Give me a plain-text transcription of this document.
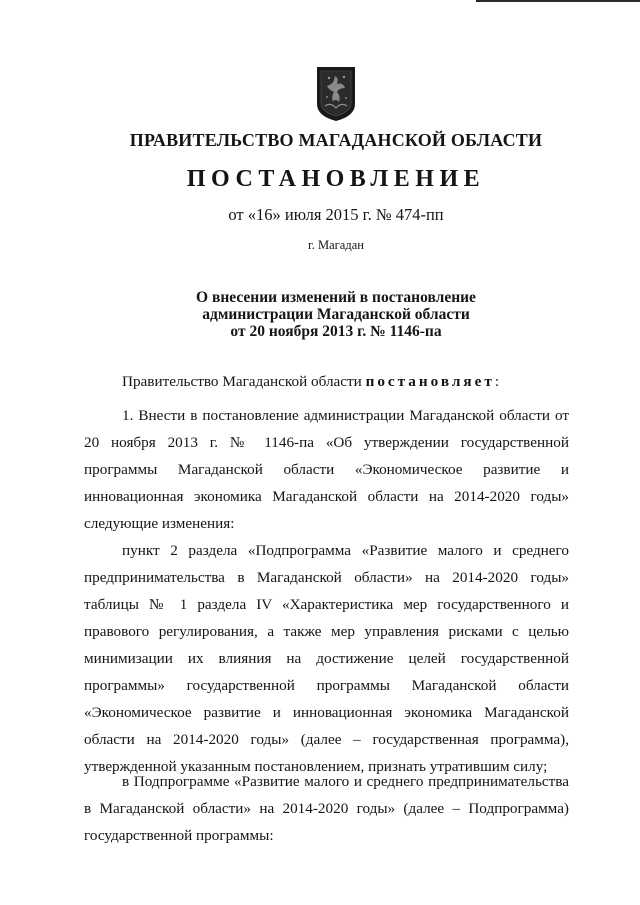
ПРАВИТЕЛЬСТВО МАГАДАНСКОЙ ОБЛАСТИ
ПОСТАНОВЛЕНИЕ
от «16» июля 2015 г. № 474-пп
г. Магадан
О внесении изменений в постановление
администрации Магаданской области
от 20 ноября 2013 г. № 1146-па

Правительство Магаданской области постановляет:

1. Внести в постановление администрации Магаданской области от 20 ноября 2013 г. № 1146-па «Об утверждении государственной программы Магаданской области «Экономическое развитие и инновационная экономика Магаданской области на 2014-2020 годы» следующие изменения:

пункт 2 раздела «Подпрограмма «Развитие малого и среднего предпринимательства в Магаданской области» на 2014-2020 годы» таблицы № 1 раздела IV «Характеристика мер государственного и правового регулирования, а также мер управления рисками с целью минимизации их влияния на достижение целей государственной программы» государственной программы Магаданской области «Экономическое развитие и инновационная экономика Магаданской области на 2014-2020 годы» (далее – государственная программа), утвержденной указанным постановлением, признать утратившим силу;

в Подпрограмме «Развитие малого и среднего предпринимательства в Магаданской области» на 2014-2020 годы» (далее – Подпрограмма) государственной программы:
